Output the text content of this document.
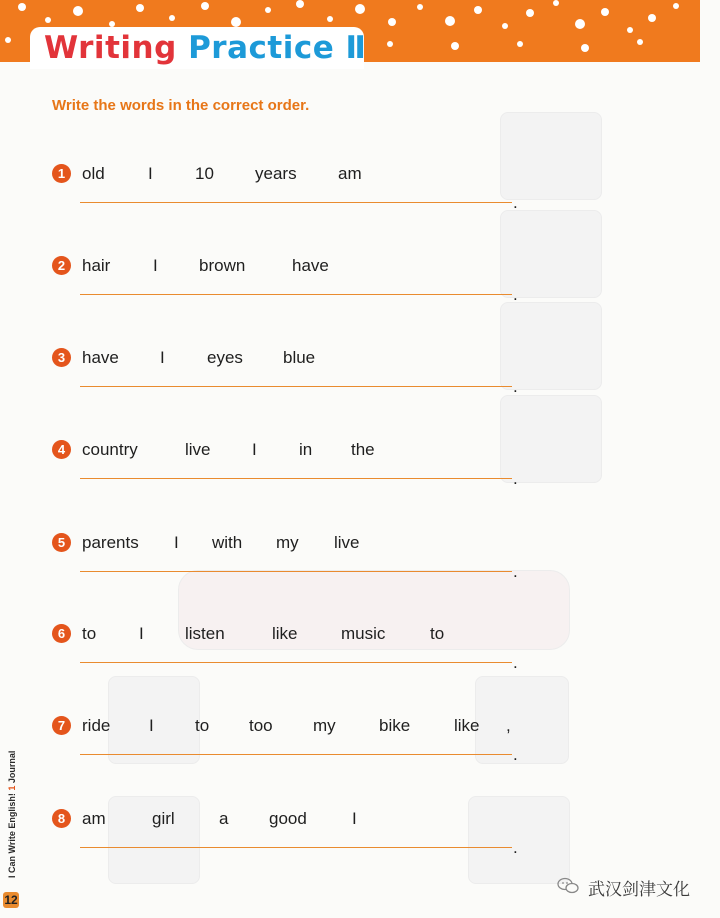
Writing Practice Ⅱ

Write the words in the correct order.

1 old	I 10 years am
.
2 hair	I brown	have
.
3 have I eyes blue
.
4 country	live I in the
.
5 parents I with my live
.
6 to	I listen	like	music	to
.
7 ride I to too my	bike	like ,
.
8 am	girl	a good	I
.
I Can Write English! 1 Journal
12	武汉剑津文化
